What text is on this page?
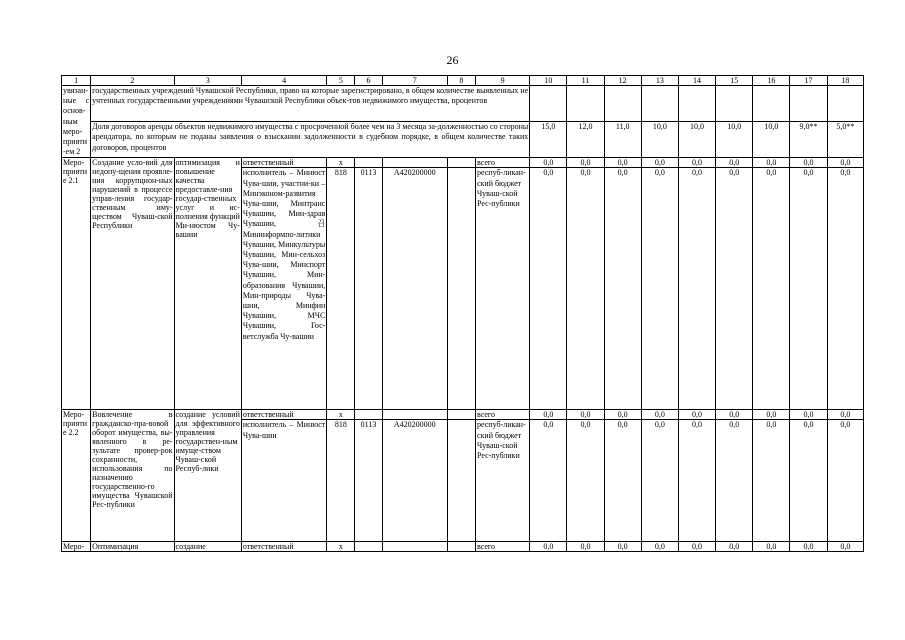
26
1	2	3	4	5	6	7	8	9	10	11	12	13	14	15	16	17	18
увязан-ные с основ-ным меро-прияти-ем 2	государственных учреждений Чувашской Республики, право на которые зарегистрировано, в общем количестве выявленных не учтенных государственными учреждениями Чувашской Республики объек-тов недвижимого имущества, процентов																
	Доля договоров аренды объектов недвижимого имущества с просроченной более чем на 3 месяца за-долженностью со стороны арендатора, по которым не поданы заявления о взыскании задолженности в судебном порядке, в общем количестве таких договоров, процентов								15,0	12,0	11,0	10,0	10,0	10,0	10,0	9,0**	5,0**
Меро-приятие 2.1	Создание усло-вий для недопу-щения проявле-ния коррупцион-ных нарушений в процессе управ-ления государ-ственным иму-ществом Чуваш-ской Республики	оптимизация и повышение качества предоставле-ния государ-ственных услуг и ис-полнения функций Ми-нюстом Чу-вашии	ответственный	x				всего	0,0	0,0	0,0	0,0	0,0	0,0	0,0	0,0	0,0
			исполнитель – Минюст Чува-шии, участни-ки – Минэконом-развития Чува-шии, Минтранс Чувашии, Мин-здрав Чувашии,召 Мининформпо-литики Чувашии, Минкультуры Чувашии, Мин-сельхоз Чува-шии, Минспорт Чувашии, Мин-образования Чувашии, Мин-природы Чува-шии, Минфин Чувашии, МЧС Чувашии, Гос-ветслужба Чу-вашии	818	0113	А420200000		респуб-ликан-ский бюджет Чуваш-ской Рес-публики	0,0	0,0	0,0	0,0	0,0	0,0	0,0	0,0	0,0
Меро-приятие 2.2	Вовлечение в гражданско-пра-вовой оборот имущества, вы-явленного в ре-зультате провер-рок сохранности, использования по назначению государственно-го имущества Чувашской Рес-публики	создание условий для эффективного управления государствен-ным имуще-ством Чуваш-ской Респуб-лики	ответственный	x				всего	0,0	0,0	0,0	0,0	0,0	0,0	0,0	0,0	0,0
			исполнитель – Минюст Чува-шии	818	0113	А420200000		респуб-ликан-ский бюджет Чуваш-ской Рес-публики	0,0	0,0	0,0	0,0	0,0	0,0	0,0	0,0	0,0
Меро-	Оптимизация	создание	ответственный	x				всего	0,0	0,0	0,0	0,0	0,0	0,0	0,0	0,0	0,0
